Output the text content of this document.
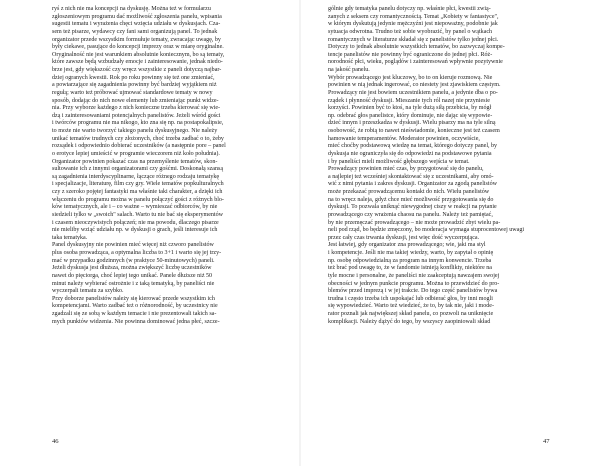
ryś z nich nie ma koncepcji na dyskusję. Można też w formularzu
zgłoszeniowym programu dać możliwość zgłoszenia panelu, wpisania
sugestii tematu i wyrażenia chęci wzięcia udziału w dyskusjach. Cza-
sem też pisarze, wydawcy czy fani sami organizują panel. To jednak
organizator przede wszystkim formułuje tematy, zwracając uwagę, by
były ciekawe, pasujące do koncepcji imprezy oraz w miarę oryginalne.
Oryginalność nie jest warunkiem absolutnie koniecznym, bo są tematy,
które zawsze będą wzbudzały emocje i zainteresowanie, jednak niedo-
brze jest, gdy większość czy wręcz wszystkie z paneli dotyczą najbar-
dziej ogranych kwestii. Rok po roku powinny się też one zmieniać,
a powtarzające się zagadnienia powinny być bardziej wyjątkiem niż
regułą; warto też próbować ujmować standardowe tematy w nowy
sposób, dodając do nich nowe elementy lub zmieniając punkt widze-
nia. Przy wyborze każdego z nich konieczne trzeba kierować się wie-
dzą i zainteresowaniami potencjalnych panelistów. Jeżeli wśród gości
i twórców programu nie ma nikogo, kto zna się np. na postapokalipsie,
to może nie warto tworzyć takiego panelu dyskusyjnego. Nie należy
unikać tematów trudnych czy złożonych, choć trzeba zadbać o to, żeby
rozsądek i odpowiednio dobierać uczestników (a następnie pore – panel
o erotyce lepiej umieścić w programie wieczorem niż koło południa).
Organizator powinien pokazać czas na przemyślenie tematów, skon-
sultowanie ich z innymi organizatorami czy gośćmi. Doskonałą szansą
są zagadnienia interdyscyplinarne, łączące różnego rodzaju tematykę
i specjalizacje, literaturę, film czy gry. Wiele tematów popkulturalnych
czy z szeroko pojętej fantastyki ma właśnie taki charakter, a dzięki ich
włączeniu do programu można w panelu połączyć gości z różnych blo-
ków tematycznych, ale i – co ważne – wymieszać odbiorców, by nie
siedzieli tylko w „swoich" salach. Warto tu nie bać się eksperymentów
i czasem nieoczywistych połączeń; nie ma powodu, dlaczego pisarze
nie mieliby wziąć udziału np. w dyskusji o grach, jeśli interesuje ich
taka tematyka.
Panel dyskusyjny nie powinien mieć więcej niż czworo panelistów
plus osoba prowadząca, a optymalna liczba to 3+1 i warto się jej trzy-
mać w przypadku godzinnych (w praktyce 50-minutowych) paneli.
Jeżeli dyskusja jest dłuższa, można zwiększyć liczbę uczestników
nawet do pięciorga, choć lepiej tego unikać. Panele dłuższe niż 50
minut należy wybierać ostrożnie i z taką tematyką, by paneliści nie
wyczerpali tematu za szybko.
Przy doborze panelistów należy się kierować przede wszystkim ich
kompetencjami. Warto zadbać też o różnorodność, by uczestnicy nie
zgadzali się ze sobą w każdym temacie i nie prezentowali takich sa-
mych punktów widzenia. Nie powinna dominować jedna płeć, szcze-
46
gólnie gdy tematyka panelu dotyczy np. właśnie płci, kwestii zwią-
zanych z seksem czy romantycznością. Temat „Kobiety w fantastyce",
w którym dyskutują jedynie mężczyźni jest niepoważny, podobnie jak
sytuacja odwrotna. Trudno też sobie wyobrazić, by panel o wątkach
romantycznych w literaturze składał się z panelistów tylko jednej płci.
Dotyczy to jednak absolutnie wszystkich tematów, bo zazwyczaj kompe-
tencje panelistów nie powinny być ograniczone do jednej płci. Róż-
norodność płci, wieku, poglądów i zainteresowań wpływnie pozytywnie
na jakość panelu.
Wybór prowadzącego jest kluczowy, bo to on kieruje rozmową. Nie
powinien w nią jednak ingerować, co niestety jest zjawiskiem częstym.
Prowadzący nie jest bowiem uczestnikiem panelu, a jedynie dba o po-
rządek i płynność dyskusji. Mieszanie tych ról nazej nie przyniesie
korzyści. Powinien być to ktoś, na tyle dużą siłą przebicia, by mógł
np. odebrać głos panelistce, który dominuje, nie dając się wypowie-
dzieć innym i przeszkadza w dyskusji. Wielu pisarzy ma na tyle silną
osobowość, że robią to nawet nieświadomie, konieczne jest też czasem
hamowanie temperamentów. Moderator powinien, oczywiście,
mieć choćby podstawową wiedzę na temat, którego dotyczy panel, by
dyskusja nie ograniczyła się do odpowiedzi na podstawowe pytania
i by paneliści mieli możliwość głębszego wejścia w temat.
Prowadzący powinien mieć czas, by przygotować się do panelu,
a najlepiej też wcześniej skontaktować się z uczestnikami, aby omó-
wić z nimi pytania i zakres dyskusji. Organizator za zgodą panelistów
może przekazać prowadzącemu kontakt do nich. Wielu panelistów
na to wręcz naleja, gdyż chce mieć możliwość przygotowania się do
dyskusji. To pozwala uniknąć niewygodnej ciszy w reakcji na pytanie
prowadzącego czy wrażenia chaosu na panelu. Należy też pamiętać,
by nie przemęczać prowadzącego – nie może prowadzić zbyt wielu pa-
neli pod rząd, bo będzie zmęczony, bo moderacja wymaga stuprocentowej uwagi
przez cały czas trwania dyskusji, jest więc dość wyczerpująca.
Jest łatwiej, gdy organizator zna prowadzącego; wie, jaki ma styl
i kompetencje. Jeśli nie ma takiej wiedzy, warto, by zapytał o opinię
np. osobę odpowiedzialną za program na innym konwencie. Trzeba
też brać pod uwagę to, że w fandomie istnieją konflikty, niektóre na
tyle mocne i personalne, że paneliści nie zaakceptują nawzajem swojej
obecności w jednym punkcie programu. Można to przewidzieć do pro-
blemów przed imprezą i w jej trakcie. Do tego część panelistów bywa
trudna i często trzeba ich uspokajać lub odbierać głos, by inni mogli
się wypowiedzieć. Warto też wiedzieć, że to, by tak nie, jaki i mode-
rator poznali jak największej skład panelu, co pozwoli na uniknięcie
komplikacji. Należy dążyć do tego, by wszyscy zaopiniowali skład
47
